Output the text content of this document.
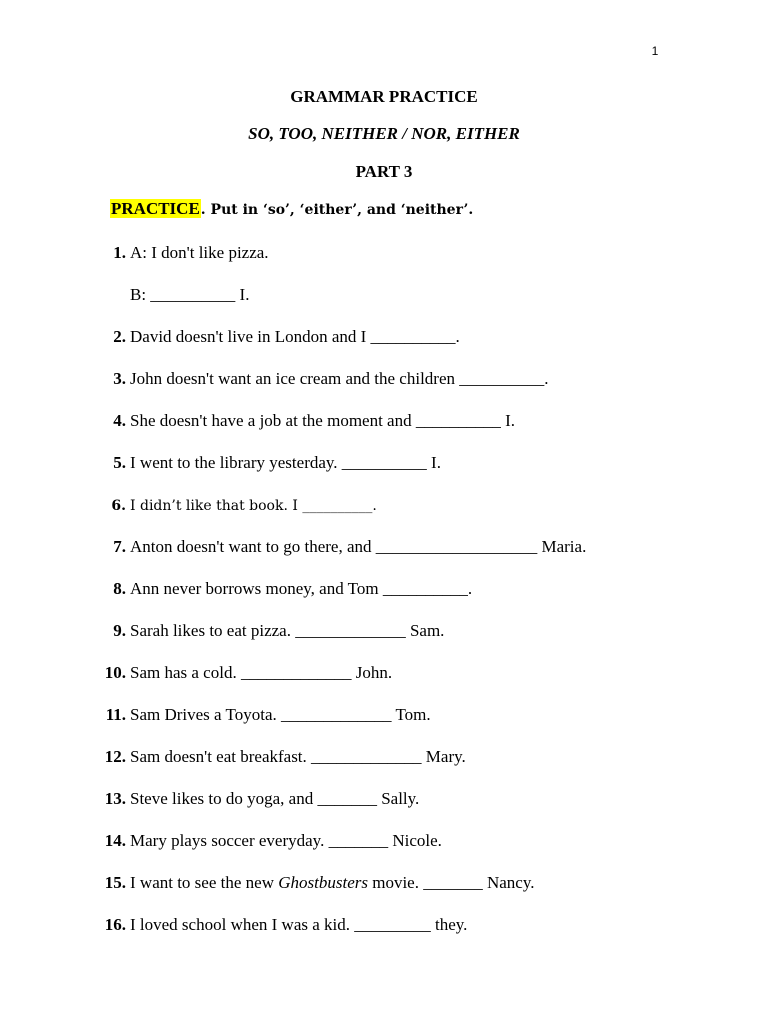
1
GRAMMAR PRACTICE
SO, TOO, NEITHER / NOR, EITHER
PART 3
PRACTICE. Put in ‘so’, ‘either’, and ‘neither’.
1. A: I don't like pizza.
B: __________ I.
2. David doesn't live in London and I __________.
3. John doesn't want an ice cream and the children __________.
4. She doesn't have a job at the moment and __________ I.
5. I went to the library yesterday. __________ I.
6. I didn’t like that book. I __________.
7. Anton doesn't want to go there, and ___________________ Maria.
8. Ann never borrows money, and Tom __________.
9. Sarah likes to eat pizza. _____________ Sam.
10. Sam has a cold. _____________ John.
11. Sam Drives a Toyota. _____________ Tom.
12. Sam doesn't eat breakfast. _____________ Mary.
13. Steve likes to do yoga, and _______ Sally.
14. Mary plays soccer everyday. _______ Nicole.
15. I want to see the new Ghostbusters movie. _______ Nancy.
16. I loved school when I was a kid. _________ they.
